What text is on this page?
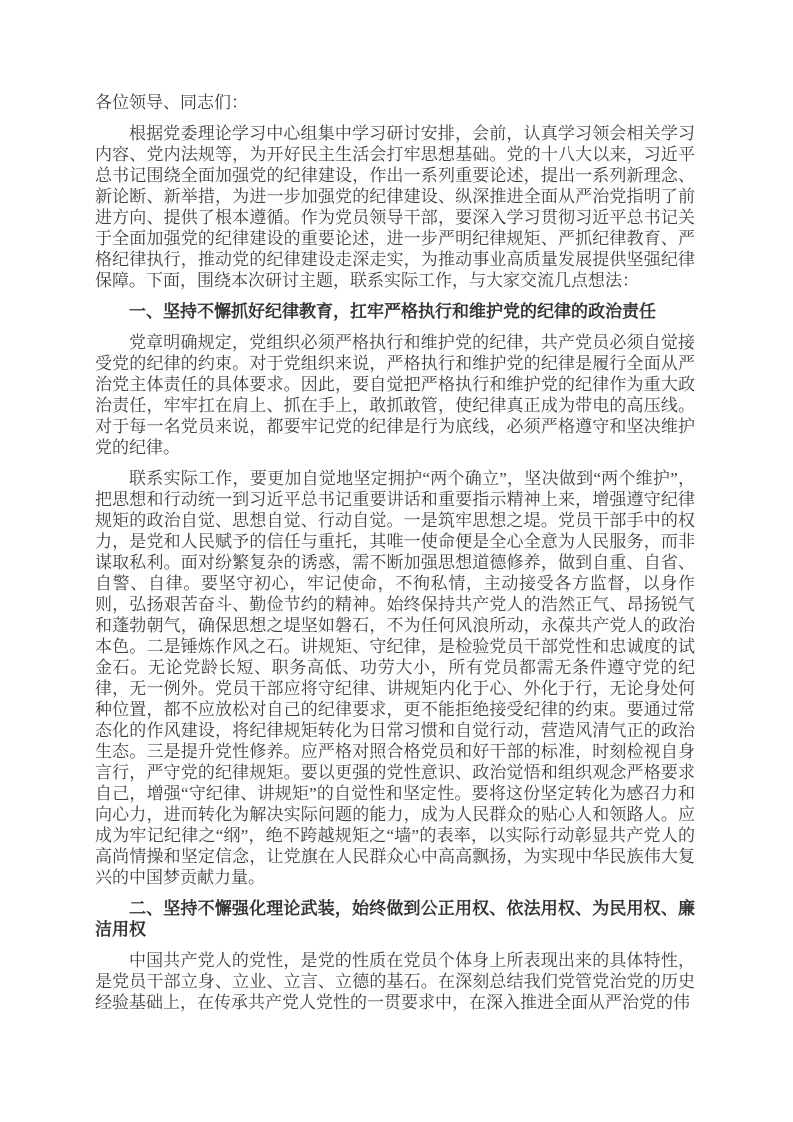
各位领导、同志们：

根据党委理论学习中心组集中学习研讨安排，会前，认真学习领会相关学习内容、党内法规等，为开好民主生活会打牢思想基础。党的十八大以来，习近平总书记围绕全面加强党的纪律建设，作出一系列重要论述，提出一系列新理念、新论断、新举措，为进一步加强党的纪律建设、纵深推进全面从严治党指明了前进方向、提供了根本遵循。作为党员领导干部，要深入学习贯彻习近平总书记关于全面加强党的纪律建设的重要论述，进一步严明纪律规矩、严抓纪律教育、严格纪律执行，推动党的纪律建设走深走实，为推动事业高质量发展提供坚强纪律保障。下面，围绕本次研讨主题，联系实际工作，与大家交流几点想法：

一、坚持不懈抓好纪律教育，扛牢严格执行和维护党的纪律的政治责任

党章明确规定，党组织必须严格执行和维护党的纪律，共产党员必须自觉接受党的纪律的约束。对于党组织来说，严格执行和维护党的纪律是履行全面从严治党主体责任的具体要求。因此，要自觉把严格执行和维护党的纪律作为重大政治责任，牢牢扛在肩上、抓在手上，敢抓敢管，使纪律真正成为带电的高压线。对于每一名党员来说，都要牢记党的纪律是行为底线，必须严格遵守和坚决维护党的纪律。

联系实际工作，要更加自觉地坚定拥护“两个确立”，坚决做到“两个维护”，把思想和行动统一到习近平总书记重要讲话和重要指示精神上来，增强遵守纪律规矩的政治自觉、思想自觉、行动自觉。一是筑牢思想之堤。党员干部手中的权力，是党和人民赋予的信任与重托，其唯一使命便是全心全意为人民服务，而非谋取私利。面对纷繁复杂的诱惑，需不断加强思想道德修养，做到自重、自省、自警、自律。要坚守初心，牢记使命，不徇私情，主动接受各方监督，以身作则，弘扬艰苦奋斗、勤俭节约的精神。始终保持共产党人的浩然正气、昂扬锐气和蓬勃朝气，确保思想之堤坚如磐石，不为任何风浪所动，永葆共产党人的政治本色。二是锤炼作风之石。讲规矩、守纪律，是检验党员干部党性和忠诚度的试金石。无论党龄长短、职务高低、功劳大小，所有党员都需无条件遵守党的纪律，无一例外。党员干部应将守纪律、讲规矩内化于心、外化于行，无论身处何种位置，都不应放松对自己的纪律要求，更不能拒绝接受纪律的约束。要通过常态化的作风建设，将纪律规矩转化为日常习惯和自觉行动，营造风清气正的政治生态。三是提升党性修养。应严格对照合格党员和好干部的标准，时刻检视自身言行，严守党的纪律规矩。要以更强的党性意识、政治觉悟和组织观念严格要求自己，增强“守纪律、讲规矩”的自觉性和坚定性。要将这份坚定转化为感召力和向心力，进而转化为解决实际问题的能力，成为人民群众的贴心人和领路人。应成为牢记纪律之“纲”，绝不跨越规矩之“墙”的表率，以实际行动彰显共产党人的高尚情操和坚定信念，让党旗在人民群众心中高高飘扬，为实现中华民族伟大复兴的中国梦贡献力量。

二、坚持不懈强化理论武装，始终做到公正用权、依法用权、为民用权、廉洁用权

中国共产党人的党性，是党的性质在党员个体身上所表现出来的具体特性，是党员干部立身、立业、立言、立德的基石。在深刻总结我们党管党治党的历史经验基础上，在传承共产党人党性的一贯要求中，在深入推进全面从严治党的伟
